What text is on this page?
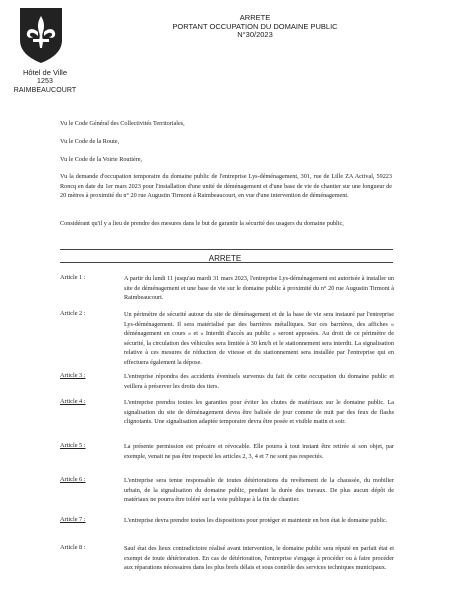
Hôtel de Ville
1253 RAIMBEAUCOURT
ARRETE
PORTANT OCCUPATION DU DOMAINE PUBLIC
N°30/2023
Vu le Code Général des Collectivités Territoriales,
Vu le Code de la Route,
Vu le Code de la Voirie Routière,
Vu la demande d'occupation temporaire du domaine public de l'entreprise Lys-déménagement, 301, rue de Lille ZA Actival, 59223 Roncq en date du 1er mars 2023 pour l'installation d'une unité de déménagement et d'une base de vie de chantier sur une longueur de 20 mètres à proximité du n° 20 rue Augustin Tirmont à Raimbeaucourt, en vue d'une intervention de déménagement.
Considérant qu'il y a lieu de prendre des mesures dans le but de garantir la sécurité des usagers du domaine public,
ARRETE
Article 1 :	A partir du lundi 11 jusqu'au mardi 31 mars 2023, l'entreprise Lys-déménagement est autorisée à installer un site de déménagement et une base de vie sur le domaine public à proximité du n° 20 rue Augustin Tirmont à Raimbeaucourt.
Article 2 :	Un périmètre de sécurité autour du site de déménagement et de la base de vie sera instauré par l'entreprise Lys-déménagement. Il sera matérialisé par des barrières métalliques. Sur ces barrières, des affiches « déménagement en cours » et « Interdit d'accès au public » seront apposées. Au droit de ce périmètre de sécurité, la circulation des véhicules sera limitée à 30 km/h et le stationnement sera interdit. La signalisation relative à ces mesures de réduction de vitesse et du stationnement sera installée par l'entreprise qui en effectuera également la dépose.
Article 3 :	L'entreprise répondra des accidents éventuels survenus du fait de cette occupation du domaine public et veillera à préserver les droits des tiers.
Article 4 :	L'entreprise prendra toutes les garanties pour éviter les chutes de matériaux sur le domaine public. La signalisation du site de déménagement devra être balisée de jour comme de nuit par des feux de flashs clignotants. Une signalisation adaptée temporaire devra être posée et visible matin et soir.
Article 5 :	La présente permission est précaire et révocable. Elle pourra à tout instant être retirée si son objet, par exemple, venait ne pas être respecté les articles 2, 3, 4 et 7 ne sont pas respectés.
Article 6 :	L'entreprise sera tenue responsable de toutes détériorations du revêtement de la chaussée, du mobilier urbain, de la signalisation du domaine public, pendant la durée des travaux. De plus aucun dépôt de matériaux ne pourra être toléré sur la voie publique à la fin de chantier.
Article 7 :	L'entreprise devra prendre toutes les dispositions pour protéger et maintenir en bon état le domaine public.
Article 8 :	Sauf état des lieux contradictoire réalisé avant intervention, le domaine public sera réputé en parfait état et exempt de toute détérioration. En cas de détérioration, l'entreprise s'engage à procéder ou à faire procéder aux réparations nécessaires dans les plus brefs délais et sous contrôle des services techniques municipaux.
